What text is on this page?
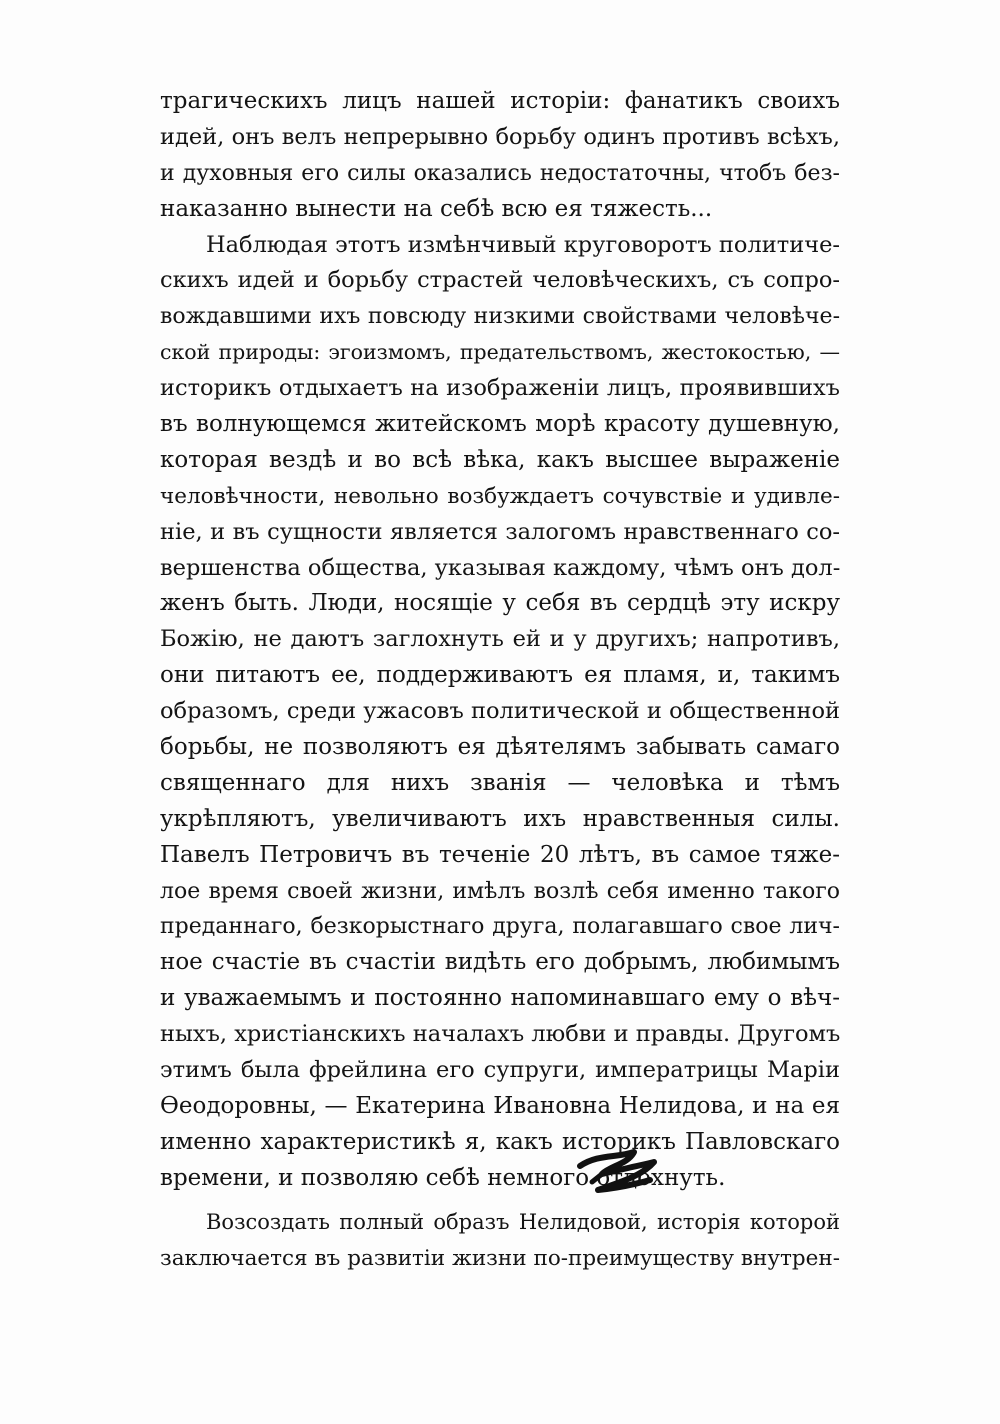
трагическихъ лицъ нашей исторіи: фанатикъ своихъ
идей, онъ велъ непрерывно борьбу одинъ противъ всѣхъ,
и духовныя его силы оказались недостаточны, чтобъ без-
наказанно вынести на себѣ всю ея тяжесть...
Наблюдая этотъ измѣнчивый круговоротъ политиче-
скихъ идей и борьбу страстей человѣческихъ, съ сопро-
вождавшими ихъ повсюду низкими свойствами человѣче-
ской природы: эгоизмомъ, предательствомъ, жестокостью, —
историкъ отдыхаетъ на изображеніи лицъ, проявившихъ
въ волнующемся житейскомъ морѣ красоту душевную,
которая вездѣ и во всѣ вѣка, какъ высшее выраженіе
человѣчности, невольно возбуждаетъ сочувствіе и удивле-
ніе, и въ сущности является залогомъ нравственнаго со-
вершенства общества, указывая каждому, чѣмъ онъ дол-
женъ быть. Люди, носящіе у себя въ сердцѣ эту искру
Божію, не даютъ заглохнуть ей и у другихъ; напротивъ,
они питаютъ ее, поддерживаютъ ея пламя, и, такимъ
образомъ, среди ужасовъ политической и общественной
борьбы, не позволяютъ ея дѣятелямъ забывать самаго
священнаго для нихъ званія — человѣка и тѣмъ
укрѣпляютъ, увеличиваютъ ихъ нравственныя силы.
Павелъ Петровичъ въ теченіе 20 лѣтъ, въ самое тяже-
лое время своей жизни, имѣлъ возлѣ себя именно такого
преданнаго, безкорыстнаго друга, полагавшаго свое лич-
ное счастіе въ счастіи видѣть его добрымъ, любимымъ
и уважаемымъ и постоянно напоминавшаго ему о вѣч-
ныхъ, христіанскихъ началахъ любви и правды. Другомъ
этимъ была фрейлина его супруги, императрицы Маріи
Ѳеодоровны, — Екатерина Ивановна Нелидова, и на ея
именно характеристикѣ я, какъ историкъ Павловскаго
времени, и позволяю себѣ немного отдохнуть.
Возсоздать полный образъ Нелидовой, исторія которой
заключается въ развитіи жизни по-преимуществу внутрен-
